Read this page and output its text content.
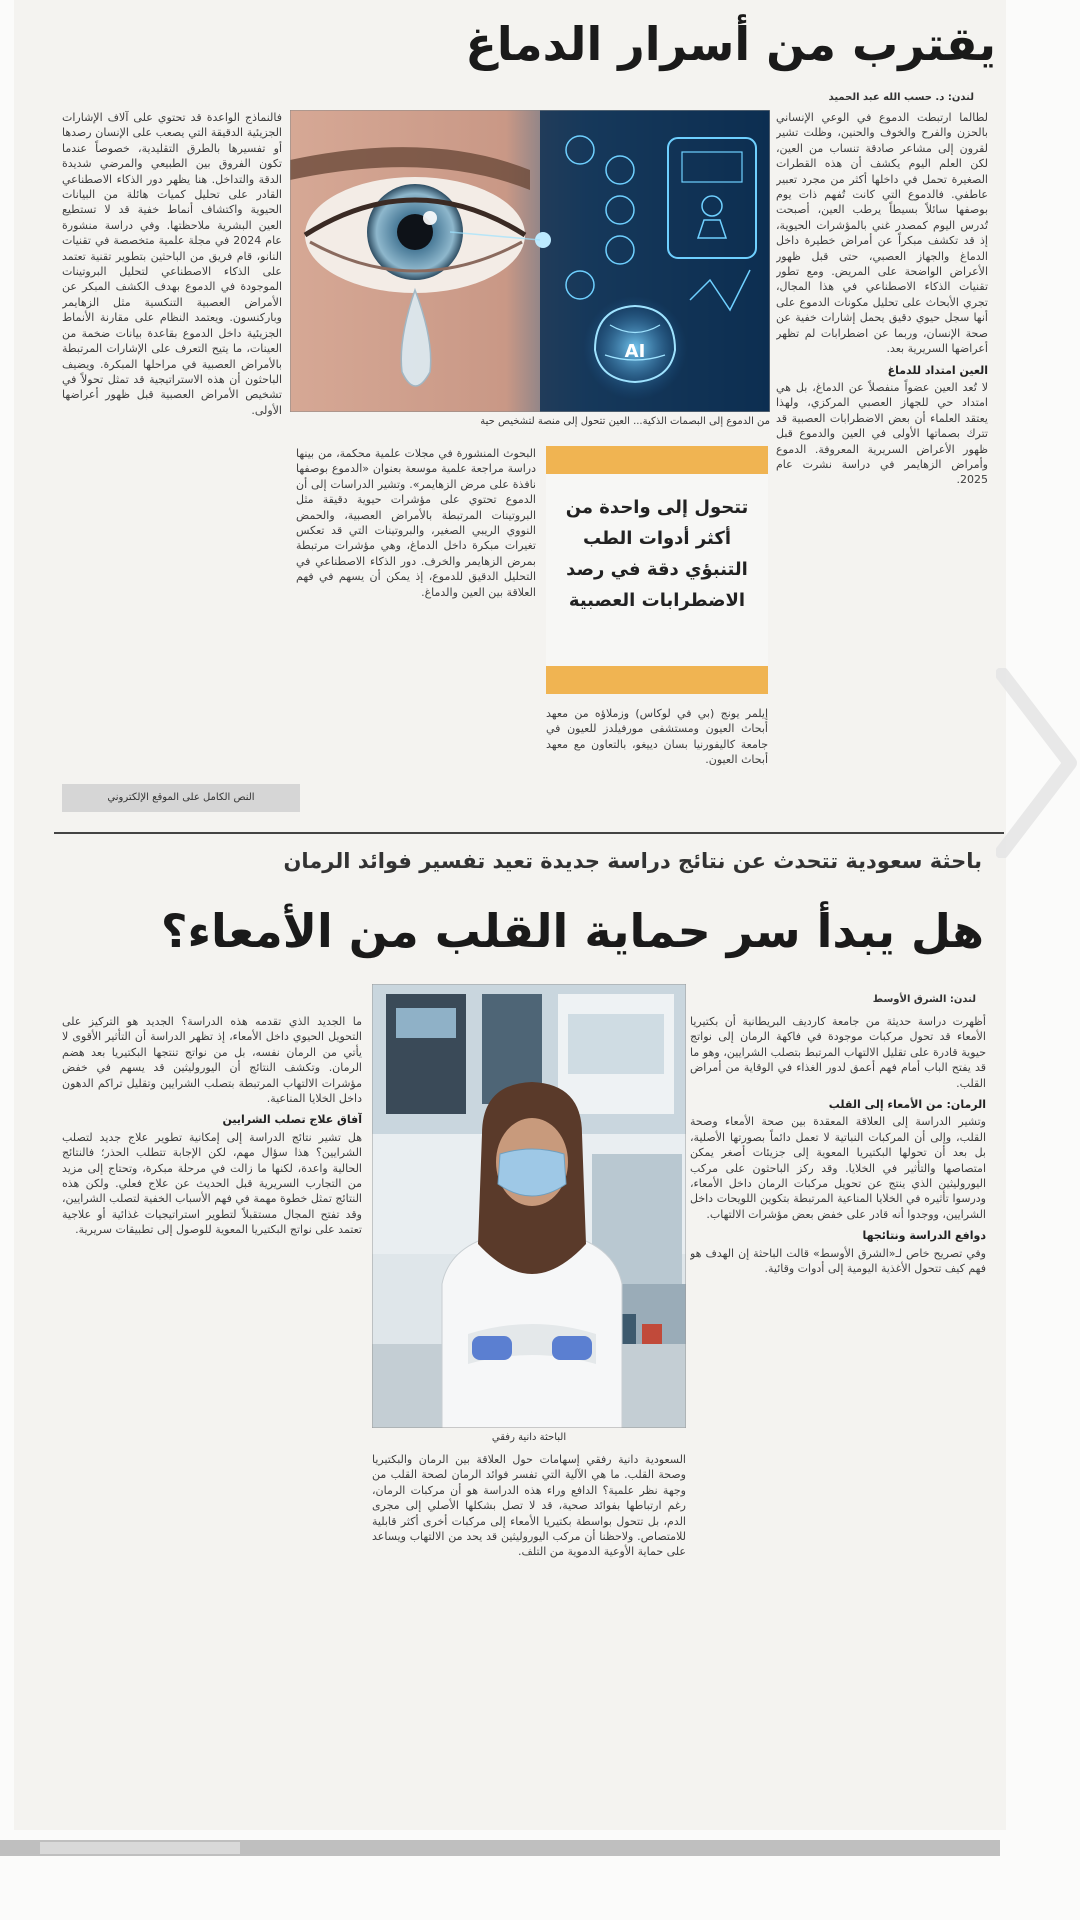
يقترب من أسرار الدماغ
لندن: د. حسب الله عبد الحميد
لطالما ارتبطت الدموع في الوعي الإنساني بالحزن والفرح والخوف والحنين، وظلت تشير لقرون إلى مشاعر صادقة تنساب من العين، لكن العلم اليوم يكشف أن هذه القطرات الصغيرة تحمل في داخلها أكثر من مجرد تعبير عاطفي. فالدموع التي كانت تُفهم ذات يوم بوصفها سائلاً بسيطاً يرطب العين، أصبحت تُدرس اليوم كمصدر غني بالمؤشرات الحيوية، إذ قد تكشف مبكراً عن أمراض خطيرة داخل الدماغ والجهاز العصبي، حتى قبل ظهور الأعراض الواضحة على المريض. ومع تطور تقنيات الذكاء الاصطناعي في هذا المجال، تجري الأبحاث على تحليل مكونات الدموع على أنها سجل حيوي دقيق يحمل إشارات خفية عن صحة الإنسان، وربما عن اضطرابات لم تظهر أعراضها السريرية بعد.
العين امتداد للدماغ
لا تُعد العين عضواً منفصلاً عن الدماغ، بل هي امتداد حي للجهاز العصبي المركزي، ولهذا يعتقد العلماء أن بعض الاضطرابات العصبية قد تترك بصماتها الأولى في العين والدموع قبل ظهور الأعراض السريرية المعروفة. الدموع وأمراض الزهايمر في دراسة نشرت عام 2025.
AI
من الدموع إلى البصمات الذكية... العين تتحول إلى منصة لتشخيص حية
فالنماذج الواعدة قد تحتوي على آلاف الإشارات الجزيئية الدقيقة التي يصعب على الإنسان رصدها أو تفسيرها بالطرق التقليدية، خصوصاً عندما تكون الفروق بين الطبيعي والمرضي شديدة الدقة والتداخل. هنا يظهر دور الذكاء الاصطناعي القادر على تحليل كميات هائلة من البيانات الحيوية واكتشاف أنماط خفية قد لا تستطيع العين البشرية ملاحظتها. وفي دراسة منشورة عام 2024 في مجلة علمية متخصصة في تقنيات النانو، قام فريق من الباحثين بتطوير تقنية تعتمد على الذكاء الاصطناعي لتحليل البروتينات الموجودة في الدموع بهدف الكشف المبكر عن الأمراض العصبية التنكسية مثل الزهايمر وباركنسون. ويعتمد النظام على مقارنة الأنماط الجزيئية داخل الدموع بقاعدة بيانات ضخمة من العينات، ما يتيح التعرف على الإشارات المرتبطة بالأمراض العصبية في مراحلها المبكرة. ويضيف الباحثون أن هذه الاستراتيجية قد تمثل تحولاً في تشخيص الأمراض العصبية قبل ظهور أعراضها الأولى.
النص الكامل على الموقع الإلكتروني
تتحول إلى واحدة من أكثر أدوات الطب التنبؤي دقة في رصد الاضطرابات العصبية
البحوث المنشورة في مجلات علمية محكمة، من بينها دراسة مراجعة علمية موسعة بعنوان «الدموع بوصفها نافذة على مرض الزهايمر». وتشير الدراسات إلى أن الدموع تحتوي على مؤشرات حيوية دقيقة مثل البروتينات المرتبطة بالأمراض العصبية، والحمض النووي الريبي الصغير، والبروتينات التي قد تعكس تغيرات مبكرة داخل الدماغ، وهي مؤشرات مرتبطة بمرض الزهايمر والخرف. دور الذكاء الاصطناعي في التحليل الدقيق للدموع، إذ يمكن أن يسهم في فهم العلاقة بين العين والدماغ.
إيلمر يونج (بي في لوكاس) وزملاؤه من معهد أبحاث العيون ومستشفى مورفيلدز للعيون في جامعة كاليفورنيا بسان دييغو، بالتعاون مع معهد أبحاث العيون.
باحثة سعودية تتحدث عن نتائج دراسة جديدة تعيد تفسير فوائد الرمان
هل يبدأ سر حماية القلب من الأمعاء؟
لندن: الشرق الأوسط
أظهرت دراسة حديثة من جامعة كارديف البريطانية أن بكتيريا الأمعاء قد تحول مركبات موجودة في فاكهة الرمان إلى نواتج حيوية قادرة على تقليل الالتهاب المرتبط بتصلب الشرايين، وهو ما قد يفتح الباب أمام فهم أعمق لدور الغذاء في الوقاية من أمراض القلب.
الرمان: من الأمعاء إلى القلب
وتشير الدراسة إلى العلاقة المعقدة بين صحة الأمعاء وصحة القلب، وإلى أن المركبات النباتية لا تعمل دائماً بصورتها الأصلية، بل بعد أن تحولها البكتيريا المعوية إلى جزيئات أصغر يمكن امتصاصها والتأثير في الخلايا. وقد ركز الباحثون على مركب اليوروليثين الذي ينتج عن تحويل مركبات الرمان داخل الأمعاء، ودرسوا تأثيره في الخلايا المناعية المرتبطة بتكوين اللويحات داخل الشرايين، ووجدوا أنه قادر على خفض بعض مؤشرات الالتهاب.
دوافع الدراسة ونتائجها
وفي تصريح خاص لـ«الشرق الأوسط» قالت الباحثة إن الهدف هو فهم كيف تتحول الأغذية اليومية إلى أدوات وقائية.
الباحثة دانية رفقي
السعودية دانية رفقي إسهامات حول العلاقة بين الرمان والبكتيريا وصحة القلب. ما هي الآلية التي تفسر فوائد الرمان لصحة القلب من وجهة نظر علمية؟ الدافع وراء هذه الدراسة هو أن مركبات الرمان، رغم ارتباطها بفوائد صحية، قد لا تصل بشكلها الأصلي إلى مجرى الدم، بل تتحول بواسطة بكتيريا الأمعاء إلى مركبات أخرى أكثر قابلية للامتصاص. ولاحظنا أن مركب اليوروليثين قد يحد من الالتهاب ويساعد على حماية الأوعية الدموية من التلف.
ما الجديد الذي تقدمه هذه الدراسة؟ الجديد هو التركيز على التحويل الحيوي داخل الأمعاء، إذ تظهر الدراسة أن التأثير الأقوى لا يأتي من الرمان نفسه، بل من نواتج تنتجها البكتيريا بعد هضم الرمان. وتكشف النتائج أن اليوروليثين قد يسهم في خفض مؤشرات الالتهاب المرتبطة بتصلب الشرايين وتقليل تراكم الدهون داخل الخلايا المناعية.
آفاق علاج تصلب الشرايين
هل تشير نتائج الدراسة إلى إمكانية تطوير علاج جديد لتصلب الشرايين؟ هذا سؤال مهم، لكن الإجابة تتطلب الحذر؛ فالنتائج الحالية واعدة، لكنها ما زالت في مرحلة مبكرة، وتحتاج إلى مزيد من التجارب السريرية قبل الحديث عن علاج فعلي. ولكن هذه النتائج تمثل خطوة مهمة في فهم الأسباب الخفية لتصلب الشرايين، وقد تفتح المجال مستقبلاً لتطوير استراتيجيات غذائية أو علاجية تعتمد على نواتج البكتيريا المعوية للوصول إلى تطبيقات سريرية.
